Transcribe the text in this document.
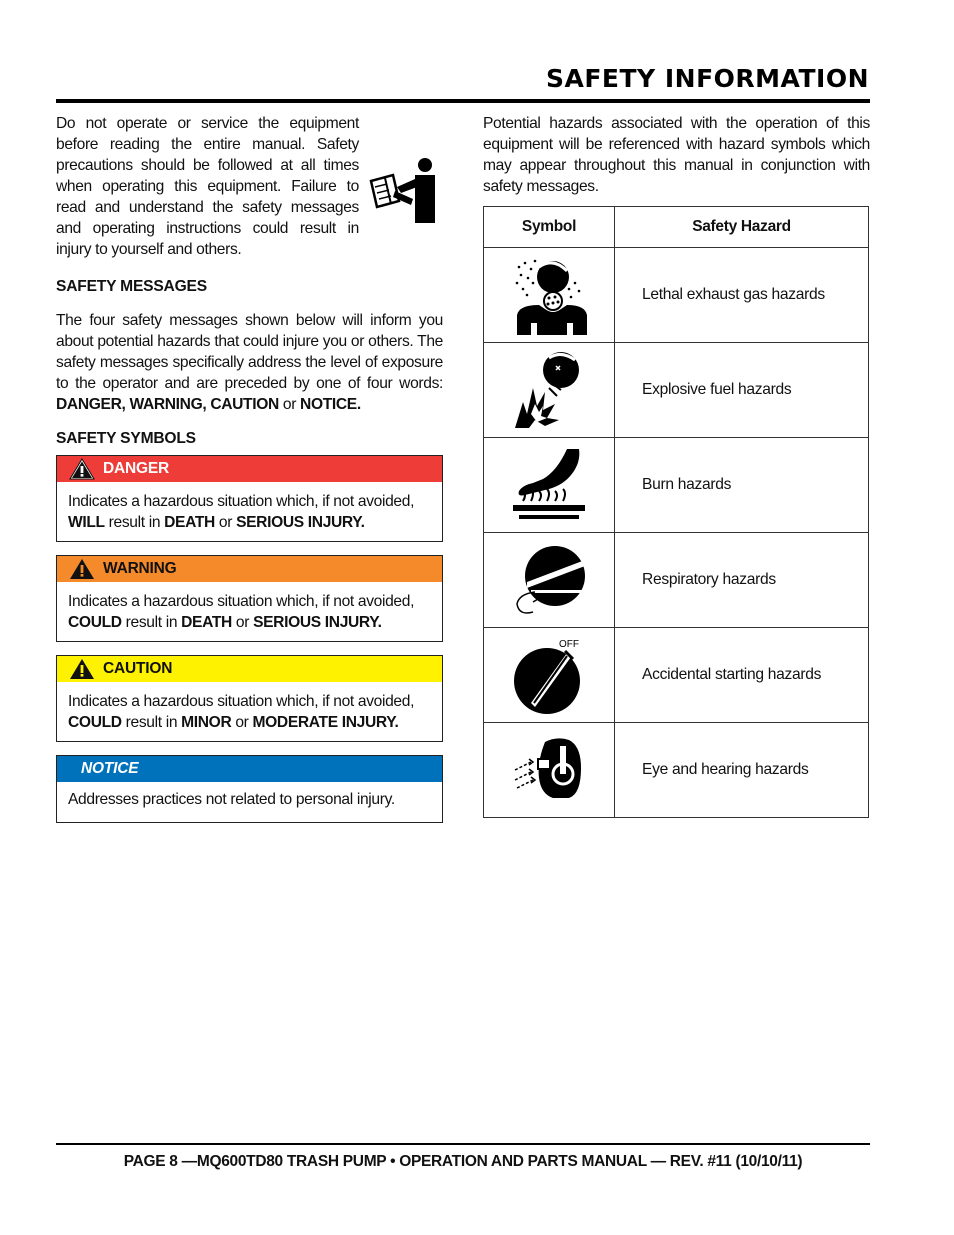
SAFETY INFORMATION

Do not operate or service the equipment before reading the entire manual. Safety precautions should be followed at all times when operating this equipment. Failure to read and understand the safety messages and operating instructions could result in injury to yourself and others.

SAFETY MESSAGES

The four safety messages shown below will inform you about potential hazards that could injure you or others. The safety messages specifically address the level of exposure to the operator and are preceded by one of four words: DANGER, WARNING, CAUTION or NOTICE.

SAFETY SYMBOLS
DANGER
Indicates a hazardous situation which, if not avoided, WILL result in DEATH or SERIOUS INJURY.
WARNING
Indicates a hazardous situation which, if not avoided, COULD result in DEATH or SERIOUS INJURY.
CAUTION
Indicates a hazardous situation which, if not avoided, COULD result in MINOR or MODERATE INJURY.
NOTICE
Addresses practices not related to personal injury.

Potential hazards associated with the operation of this equipment will be referenced with hazard symbols which may appear throughout this manual in conjunction with safety messages.

Symbol	Safety Hazard

	Lethal exhaust gas hazards

	Explosive fuel hazards

	Burn hazards

	Respiratory hazards

OFF	Accidental starting hazards

	Eye and hearing hazards
PAGE 8 —MQ600TD80 TRASH PUMP • OPERATION AND PARTS MANUAL — REV. #11 (10/10/11)
